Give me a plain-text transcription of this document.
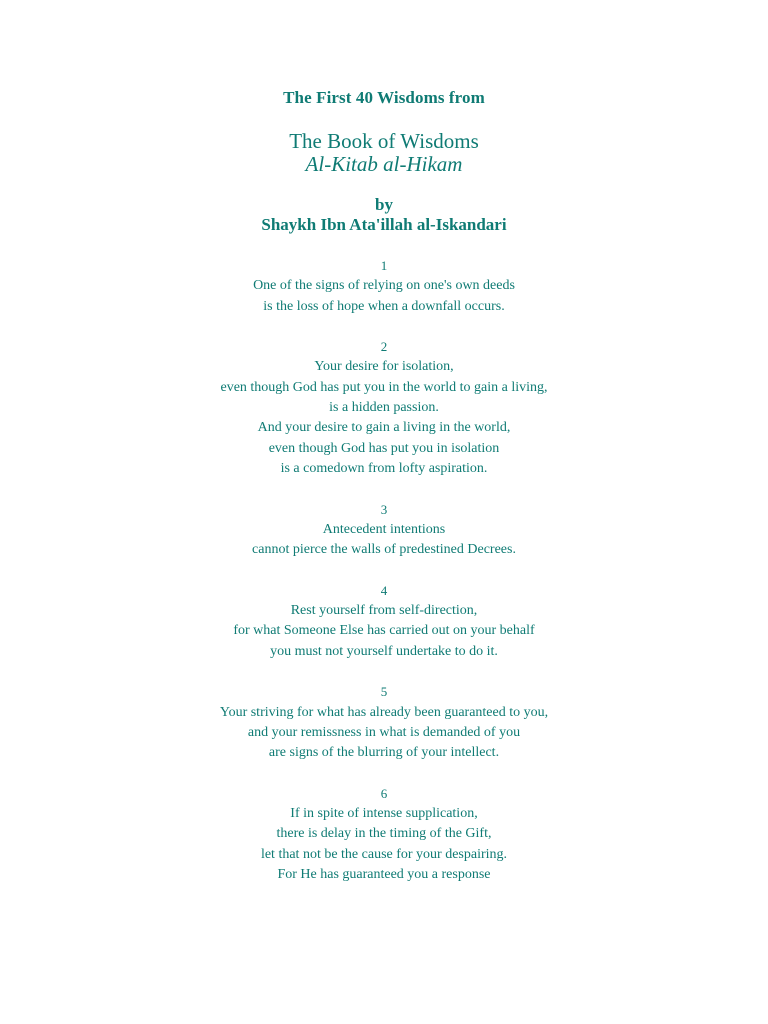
The First 40 Wisdoms from
The Book of Wisdoms
Al-Kitab al-Hikam
by
Shaykh Ibn Ata'illah al-Iskandari
1
One of the signs of relying on one's own deeds
is the loss of hope when a downfall occurs.
2
Your desire for isolation,
even though God has put you in the world to gain a living,
is a hidden passion.
And your desire to gain a living in the world,
even though God has put you in isolation
is a comedown from lofty aspiration.
3
Antecedent intentions
cannot pierce the walls of predestined Decrees.
4
Rest yourself from self-direction,
for what Someone Else has carried out on your behalf
you must not yourself undertake to do it.
5
Your striving for what has already been guaranteed to you,
and your remissness in what is demanded of you
are signs of the blurring of your intellect.
6
If in spite of intense supplication,
there is delay in the timing of the Gift,
let that not be the cause for your despairing.
For He has guaranteed you a response
